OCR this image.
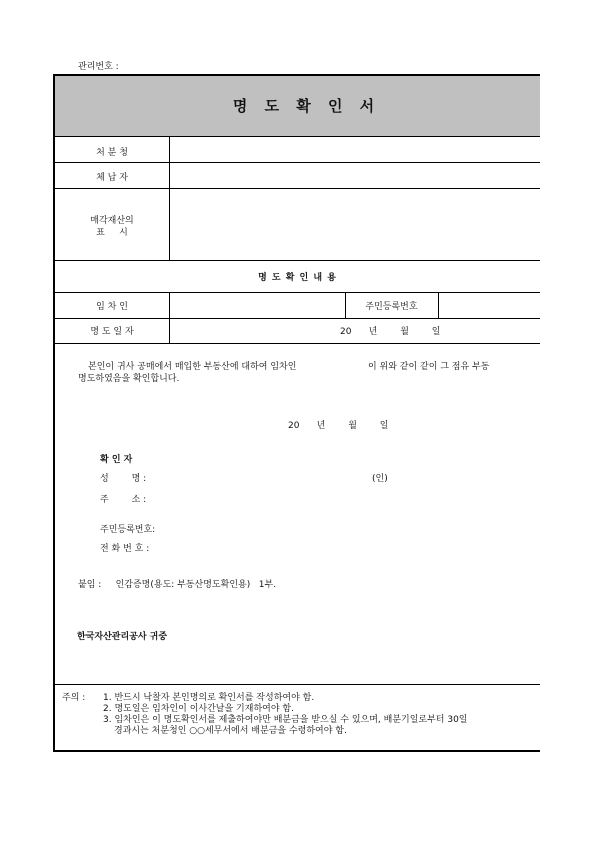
관리번호 :
명 도 확 인 서
처 분 청
체 납 자
매각재산의
표     시
명 도 확 인 내 용
임 차 인	주민등록번호
명 도 일 자	20      년        월        일
본인이 귀사 공매에서 매입한 부동산에 대하여 임차인                         이 위와 같이 같이 그 점유 부동
명도하였음을 확인합니다.
20      년        월        일
확 인 자
성        명 :	(인)
주        소 :
주민등록번호:
전 화 번 호 :
붙임 :     인감증명(용도: 부동산명도확인용)   1부.
한국자산관리공사 귀중
주의 : 1. 반드시 낙찰자 본인명의로 확인서를 작성하여야 함.
2. 명도일은 임차인이 이사간날을 기재하여야 함.
3. 임차인은 이 명도확인서를 제출하여야만 배분금을 받으실 수 있으며, 배분기일로부터 30일
경과시는 처분청인 ○○세무서에서 배분금을 수령하여야 함.
